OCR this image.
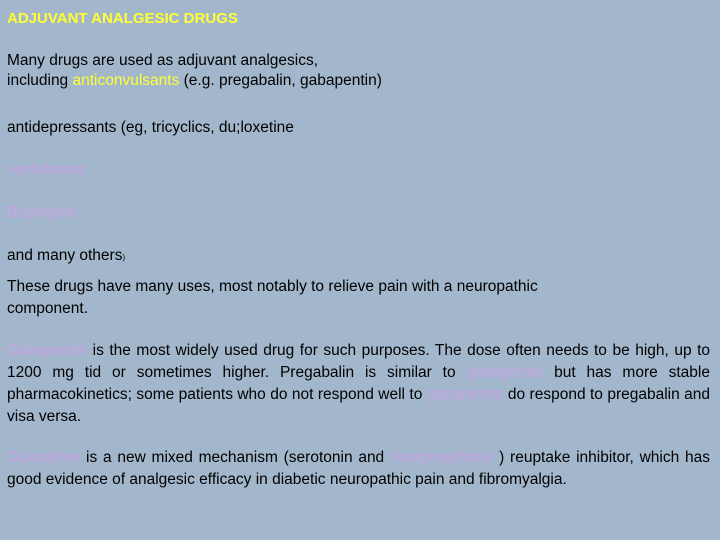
ADJUVANT ANALGESIC DRUGS
Many drugs are used as adjuvant analgesics,
including anticonvulsants (e.g. pregabalin, gabapentin)
antidepressants (eg, tricyclics, du;loxetine
venlafaxine
Bupropion
and many others)
These drugs have many uses, most notably to relieve pain with a neuropathic
component.
Gabapentin is the most widely used drug for such purposes. The dose often needs to be high, up to 1200 mg tid or sometimes higher. Pregabalin is similar to gabapentin but has more stable pharmacokinetics; some patients who do not respond well to gabapentin do respond to pregabalin and visa versa.
Duloxetine is a new mixed mechanism (serotonin and norepinephrine ) reuptake inhibitor, which has good evidence of analgesic efficacy in diabetic neuropathic pain and fibromyalgia.
